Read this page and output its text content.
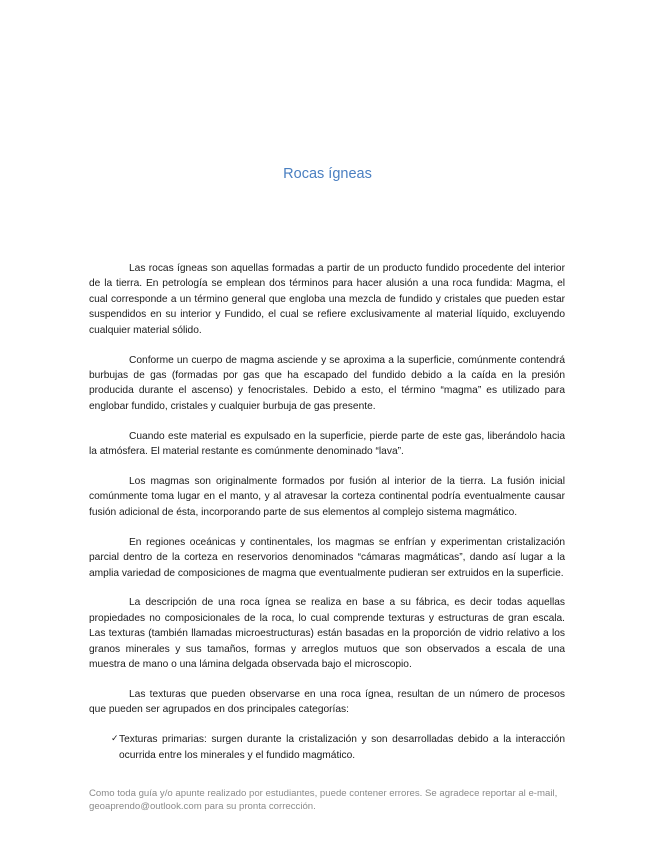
Rocas ígneas

Las rocas ígneas son aquellas formadas a partir de un producto fundido procedente del interior de la tierra. En petrología se emplean dos términos para hacer alusión a una roca fundida: Magma, el cual corresponde a un término general que engloba una mezcla de fundido y cristales que pueden estar suspendidos en su interior y Fundido, el cual se refiere exclusivamente al material líquido, excluyendo cualquier material sólido.

Conforme un cuerpo de magma asciende y se aproxima a la superficie, comúnmente contendrá burbujas de gas (formadas por gas que ha escapado del fundido debido a la caída en la presión producida durante el ascenso) y fenocristales. Debido a esto, el término “magma” es utilizado para englobar fundido, cristales y cualquier burbuja de gas presente.

Cuando este material es expulsado en la superficie, pierde parte de este gas, liberándolo hacia la atmósfera. El material restante es comúnmente denominado “lava”.

Los magmas son originalmente formados por fusión al interior de la tierra. La fusión inicial comúnmente toma lugar en el manto, y al atravesar la corteza continental podría eventualmente causar fusión adicional de ésta, incorporando parte de sus elementos al complejo sistema magmático.

En regiones oceánicas y continentales, los magmas se enfrían y experimentan cristalización parcial dentro de la corteza en reservorios denominados “cámaras magmáticas”, dando así lugar a la amplia variedad de composiciones de magma que eventualmente pudieran ser extruidos en la superficie.

La descripción de una roca ígnea se realiza en base a su fábrica, es decir todas aquellas propiedades no composicionales de la roca, lo cual comprende texturas y estructuras de gran escala. Las texturas (también llamadas microestructuras) están basadas en la proporción de vidrio relativo a los granos minerales y sus tamaños, formas y arreglos mutuos que son observados a escala de una muestra de mano o una lámina delgada observada bajo el microscopio.

Las texturas que pueden observarse en una roca ígnea, resultan de un número de procesos que pueden ser agrupados en dos principales categorías:

✓ Texturas primarias: surgen durante la cristalización y son desarrolladas debido a la interacción ocurrida entre los minerales y el fundido magmático.
Como toda guía y/o apunte realizado por estudiantes, puede contener errores. Se agradece reportar al e-mail, geoaprendo@outlook.com para su pronta corrección.
